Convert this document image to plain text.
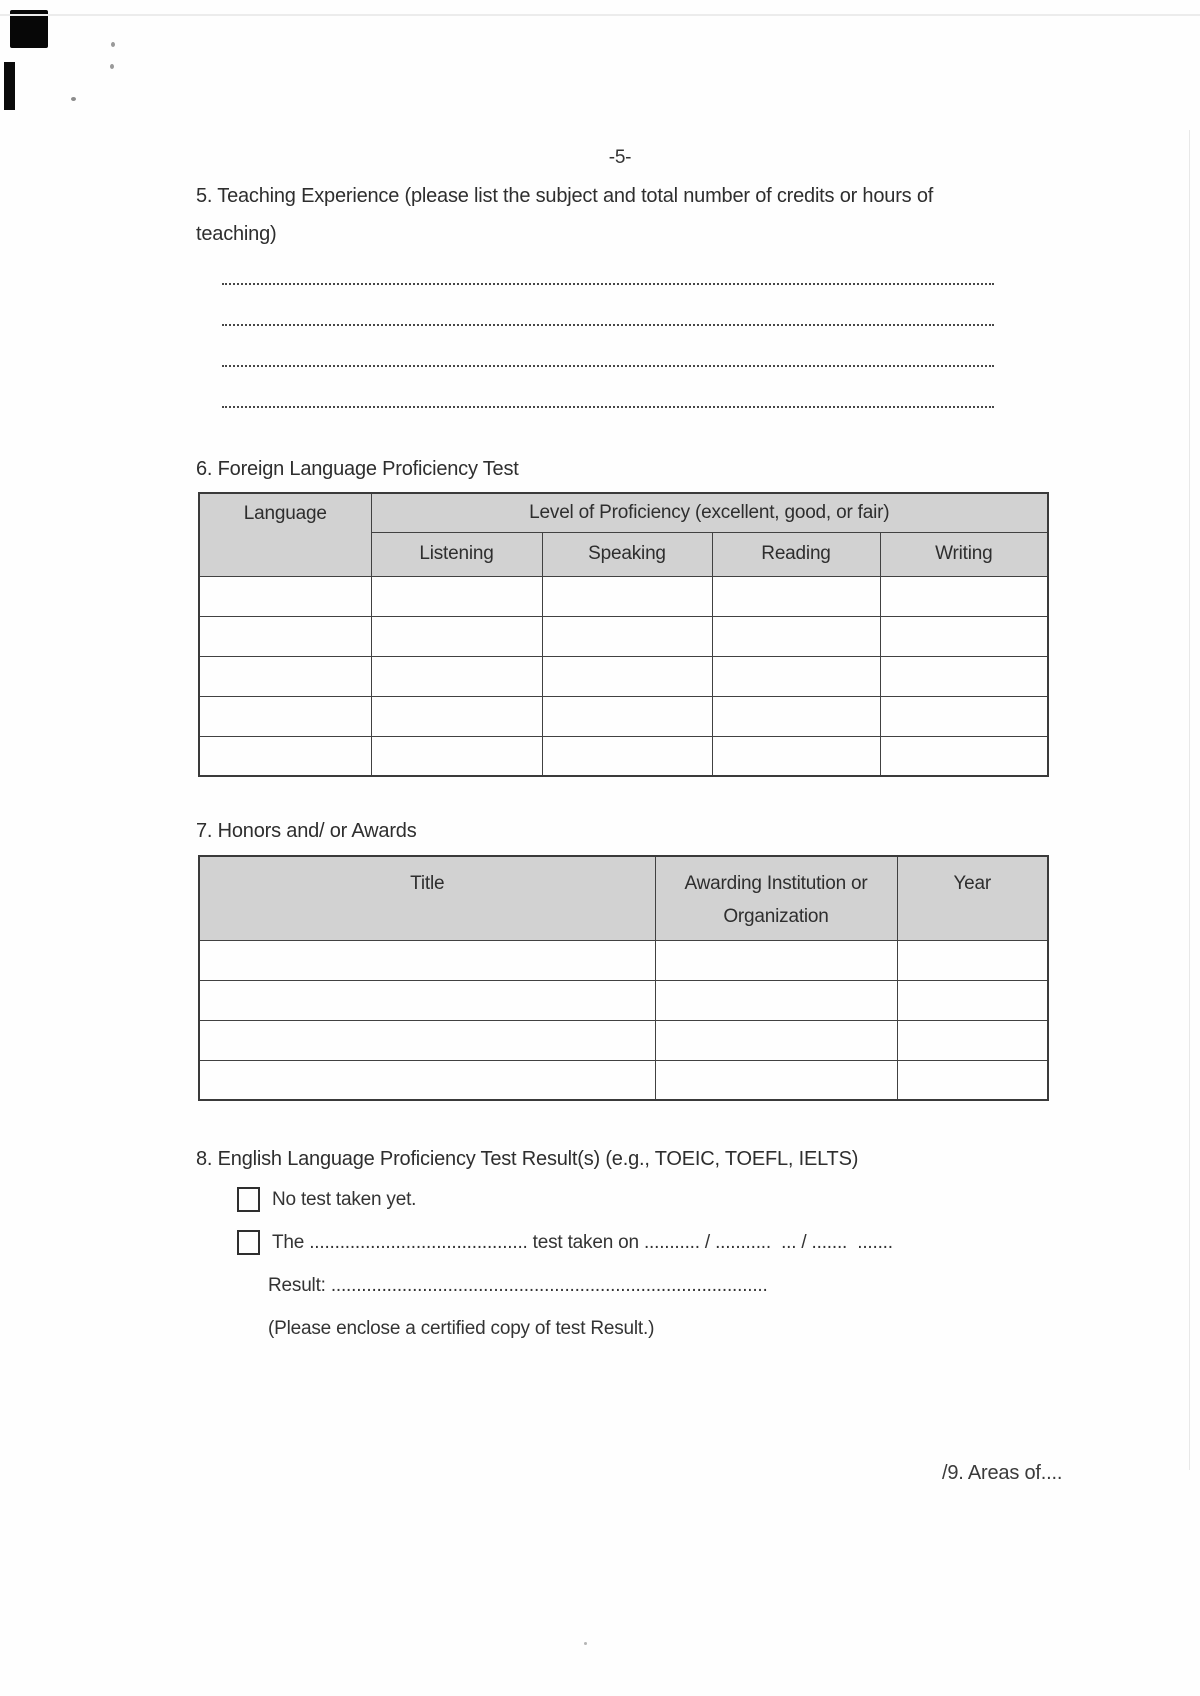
-5-
5. Teaching Experience (please list the subject and total number of credits or hours of
teaching)
6. Foreign Language Proficiency Test
Language	Level of Proficiency (excellent, good, or fair)			
	Listening	Speaking	Reading	Writing

7. Honors and/ or Awards
Title	Awarding Institution or
Organization	Year

8. English Language Proficiency Test Result(s) (e.g., TOEIC, TOEFL, IELTS)
No test taken yet.
The ........................................... test taken on ........... / ...........  ... / .......  .......
Result: ......................................................................................
(Please enclose a certified copy of test Result.)
/9. Areas of....
